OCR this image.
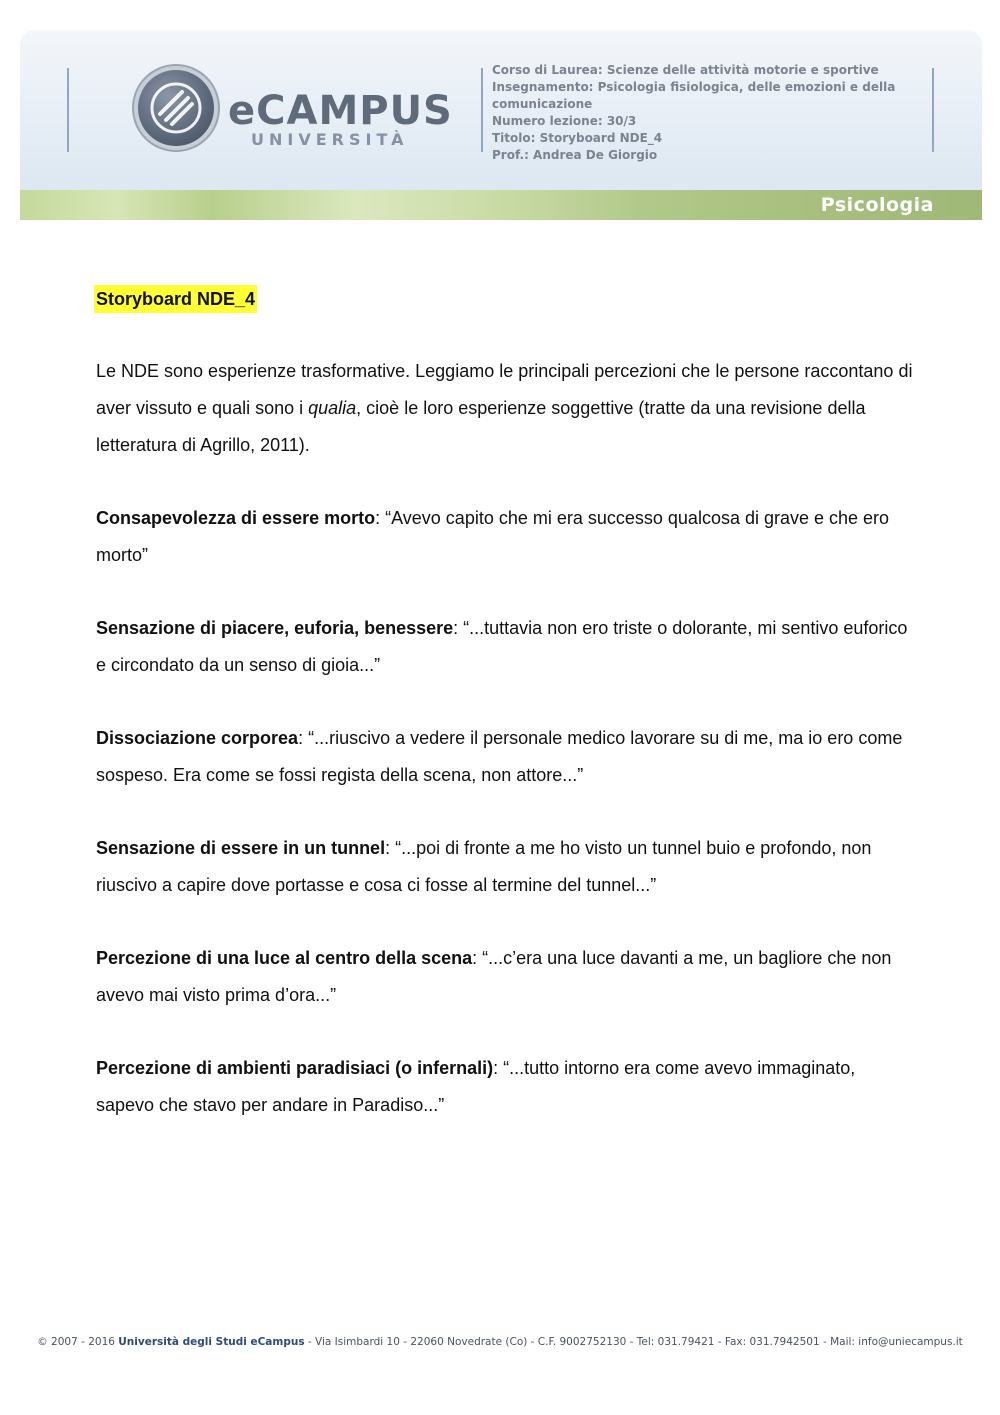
eCAMPUS
UNIVERSITÀ
Corso di Laurea: Scienze delle attività motorie e sportive
Insegnamento: Psicologia fisiologica, delle emozioni e della
comunicazione
Numero lezione: 30/3
Titolo: Storyboard NDE_4
Prof.: Andrea De Giorgio
Psicologia
Storyboard NDE_4

Le NDE sono esperienze trasformative. Leggiamo le principali percezioni che le persone raccontano di aver vissuto e quali sono i qualia, cioè le loro esperienze soggettive (tratte da una revisione della letteratura di Agrillo, 2011).

Consapevolezza di essere morto: “Avevo capito che mi era successo qualcosa di grave e che ero morto”

Sensazione di piacere, euforia, benessere: “...tuttavia non ero triste o dolorante, mi sentivo euforico e circondato da un senso di gioia...”

Dissociazione corporea: “...riuscivo a vedere il personale medico lavorare su di me, ma io ero come sospeso. Era come se fossi regista della scena, non attore...”

Sensazione di essere in un tunnel: “...poi di fronte a me ho visto un tunnel buio e profondo, non riuscivo a capire dove portasse e cosa ci fosse al termine del tunnel...”

Percezione di una luce al centro della scena: “...c’era una luce davanti a me, un bagliore che non avevo mai visto prima d’ora...”

Percezione di ambienti paradisiaci (o infernali): “...tutto intorno era come avevo immaginato, sapevo che stavo per andare in Paradiso...”

© 2007 - 2016 Università degli Studi eCampus - Via Isimbardi 10 - 22060 Novedrate (Co) - C.F. 9002752130 - Tel: 031.79421 - Fax: 031.7942501 - Mail: info@uniecampus.it
